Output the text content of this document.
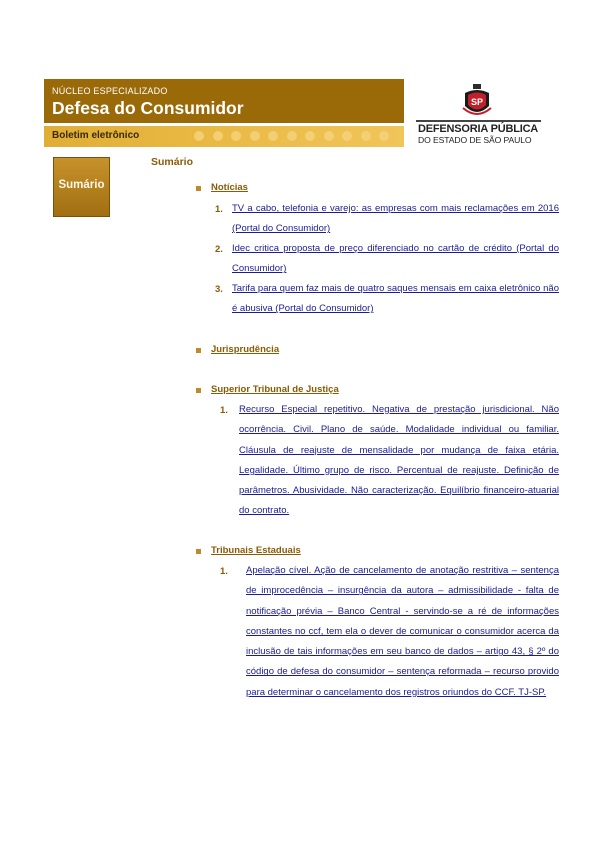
NÚCLEO ESPECIALIZADO
Defesa do Consumidor
Boletim eletrônico
SP
DEFENSORIA PÚBLICA
DO ESTADO DE SÃO PAULO
Sumário
Sumário
Notícias
1. TV a cabo, telefonia e varejo: as empresas com mais reclamações em 2016 (Portal do Consumidor)

2. Idec critica proposta de preço diferenciado no cartão de crédito (Portal do Consumidor)

3. Tarifa para quem faz mais de quatro saques mensais em caixa eletrônico não é abusiva (Portal do Consumidor)

Jurisprudência
Superior Tribunal de Justiça
1. Recurso Especial repetitivo. Negativa de prestação jurisdicional. Não ocorrência. Civil. Plano de saúde. Modalidade individual ou familiar. Cláusula de reajuste de mensalidade por mudança de faixa etária. Legalidade. Último grupo de risco. Percentual de reajuste. Definição de parâmetros. Abusividade. Não caracterização. Equilíbrio financeiro-atuarial do contrato.

Tribunais Estaduais
1. Apelação cível. Ação de cancelamento de anotação restritiva – sentença de improcedência – insurgência da autora – admissibilidade - falta de notificação prévia – Banco Central - servindo-se a ré de informações constantes no ccf, tem ela o dever de comunicar o consumidor acerca da inclusão de tais informações em seu banco de dados – artigo 43, § 2º do código de defesa do consumidor – sentença reformada – recurso provido para determinar o cancelamento dos registros oriundos do CCF. TJ-SP.
